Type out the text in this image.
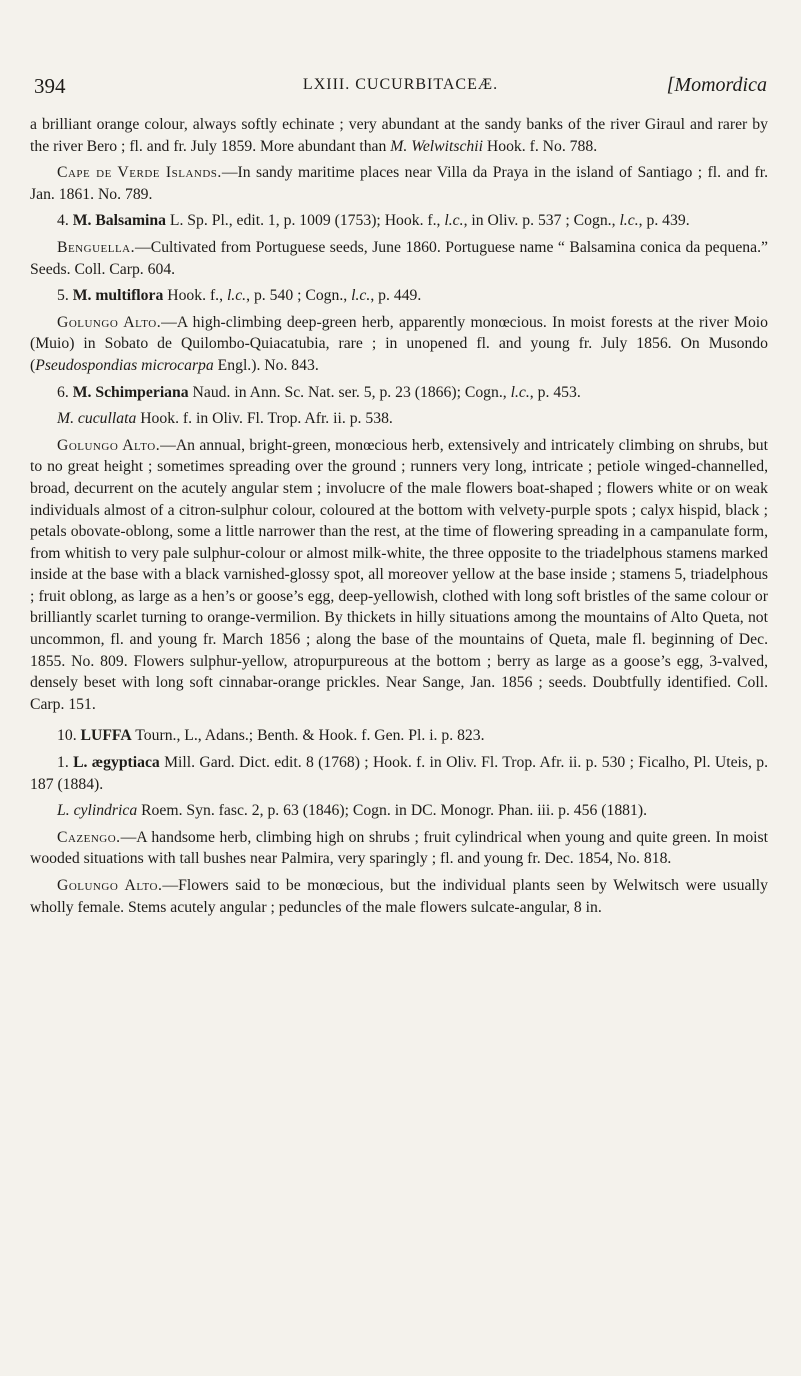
394	LXIII. CUCURBITACEÆ.	[Momordica

a brilliant orange colour, always softly echinate ; very abundant at the sandy banks of the river Giraul and rarer by the river Bero ; fl. and fr. July 1859. More abundant than M. Welwitschii Hook. f. No. 788.

Cape de Verde Islands.—In sandy maritime places near Villa da Praya in the island of Santiago ; fl. and fr. Jan. 1861. No. 789.

4. M. Balsamina L. Sp. Pl., edit. 1, p. 1009 (1753); Hook. f., l.c., in Oliv. p. 537 ; Cogn., l.c., p. 439.

Benguella.—Cultivated from Portuguese seeds, June 1860. Portuguese name “ Balsamina conica da pequena.” Seeds. Coll. Carp. 604.

5. M. multiflora Hook. f., l.c., p. 540 ; Cogn., l.c., p. 449.

Golungo Alto.—A high-climbing deep-green herb, apparently monœcious. In moist forests at the river Moio (Muio) in Sobato de Quilombo-Quiacatubia, rare ; in unopened fl. and young fr. July 1856. On Musondo (Pseudospondias microcarpa Engl.). No. 843.

6. M. Schimperiana Naud. in Ann. Sc. Nat. ser. 5, p. 23 (1866); Cogn., l.c., p. 453.

M. cucullata Hook. f. in Oliv. Fl. Trop. Afr. ii. p. 538.

Golungo Alto.—An annual, bright-green, monœcious herb, extensively and intricately climbing on shrubs, but to no great height ; sometimes spreading over the ground ; runners very long, intricate ; petiole winged-channelled, broad, decurrent on the acutely angular stem ; involucre of the male flowers boat-shaped ; flowers white or on weak individuals almost of a citron-sulphur colour, coloured at the bottom with velvety-purple spots ; calyx hispid, black ; petals obovate-oblong, some a little narrower than the rest, at the time of flowering spreading in a campanulate form, from whitish to very pale sulphur-colour or almost milk-white, the three opposite to the triadelphous stamens marked inside at the base with a black varnished-glossy spot, all moreover yellow at the base inside ; stamens 5, triadelphous ; fruit oblong, as large as a hen’s or goose’s egg, deep-yellowish, clothed with long soft bristles of the same colour or brilliantly scarlet turning to orange-vermilion. By thickets in hilly situations among the mountains of Alto Queta, not uncommon, fl. and young fr. March 1856 ; along the base of the mountains of Queta, male fl. beginning of Dec. 1855. No. 809. Flowers sulphur-yellow, atropurpureous at the bottom ; berry as large as a goose’s egg, 3-valved, densely beset with long soft cinnabar-orange prickles. Near Sange, Jan. 1856 ; seeds. Doubtfully identified. Coll. Carp. 151.

10. LUFFA Tourn., L., Adans.; Benth. & Hook. f. Gen. Pl. i. p. 823.

1. L. ægyptiaca Mill. Gard. Dict. edit. 8 (1768) ; Hook. f. in Oliv. Fl. Trop. Afr. ii. p. 530 ; Ficalho, Pl. Uteis, p. 187 (1884).

L. cylindrica Roem. Syn. fasc. 2, p. 63 (1846); Cogn. in DC. Monogr. Phan. iii. p. 456 (1881).

Cazengo.—A handsome herb, climbing high on shrubs ; fruit cylindrical when young and quite green. In moist wooded situations with tall bushes near Palmira, very sparingly ; fl. and young fr. Dec. 1854, No. 818.

Golungo Alto.—Flowers said to be monœcious, but the individual plants seen by Welwitsch were usually wholly female. Stems acutely angular ; peduncles of the male flowers sulcate-angular, 8 in.
